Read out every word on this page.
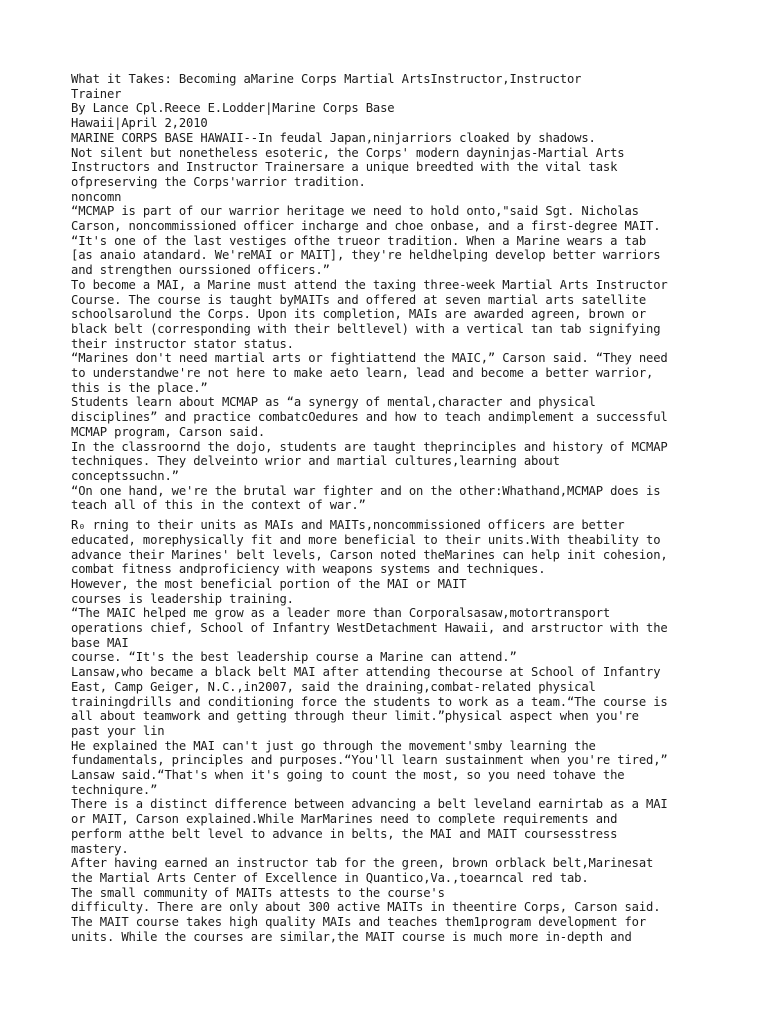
What it Takes: Becoming aMarine Corps Martial ArtsInstructor,Instructor
Trainer
By Lance Cpl.Reece E.Lodder|Marine Corps Base
Hawaii|April 2,2010
MARINE CORPS BASE HAWAII--In feudal Japan,ninjarriors cloaked by shadows.
Not silent but nonetheless esoteric, the Corps' modern dayninjas-Martial Arts
Instructors and Instructor Trainersare a unique breedted with the vital task
ofpreserving the Corps'warrior tradition.
noncomn
“MCMAP is part of our warrior heritage we need to hold onto,"said Sgt. Nicholas
Carson, noncommissioned officer incharge and choe onbase, and a first-degree MAIT.
“It's one of the last vestiges ofthe trueor tradition. When a Marine wears a tab
[as anaio atandard. We'reMAI or MAIT], they're heldhelping develop better warriors
and strengthen ourssioned officers.”
To become a MAI, a Marine must attend the taxing three-week Martial Arts Instructor
Course. The course is taught byMAITs and offered at seven martial arts satellite
schoolsarolund the Corps. Upon its completion, MAIs are awarded agreen, brown or
black belt (corresponding with their beltlevel) with a vertical tan tab signifying
their instructor stator status.
“Marines don't need martial arts or fightiattend the MAIC,” Carson said. “They need
to understandwe're not here to make aeto learn, lead and become a better warrior,
this is the place.”
Students learn about MCMAP as “a synergy of mental,character and physical
disciplines” and practice combatcOedures and how to teach andimplement a successful
MCMAP program, Carson said.
In the classroornd the dojo, students are taught theprinciples and history of MCMAP
techniques. They delveinto wrior and martial cultures,learning about
conceptssuchn.”
“On one hand, we're the brutal war fighter and on the other:Whathand,MCMAP does is
teach all of this in the context of war.”
R₀ rning to their units as MAIs and MAITs,noncommissioned officers are better
educated, morephysically fit and more beneficial to their units.With theability to
advance their Marines' belt levels, Carson noted theMarines can help init cohesion,
combat fitness andproficiency with weapons systems and techniques.
However, the most beneficial portion of the MAI or MAIT
courses is leadership training.
“The MAIC helped me grow as a leader more than Corporalsasaw,motortransport
operations chief, School of Infantry WestDetachment Hawaii, and arstructor with the
base MAI
course. “It's the best leadership course a Marine can attend.”
Lansaw,who became a black belt MAI after attending thecourse at School of Infantry
East, Camp Geiger, N.C.,in2007, said the draining,combat-related physical
trainingdrills and conditioning force the students to work as a team.“The course is
all about teamwork and getting through theur limit.”physical aspect when you're
past your lin
He explained the MAI can't just go through the movement'smby learning the
fundamentals, principles and purposes.“You'll learn sustainment when you're tired,”
Lansaw said.“That's when it's going to count the most, so you need tohave the
techniqure.”
There is a distinct difference between advancing a belt leveland earnirtab as a MAI
or MAIT, Carson explained.While MarMarines need to complete requirements and
perform atthe belt level to advance in belts, the MAI and MAIT coursesstress
mastery.
After having earned an instructor tab for the green, brown orblack belt,Marinesat
the Martial Arts Center of Excellence in Quantico,Va.,toearncal red tab.
The small community of MAITs attests to the course's
difficulty. There are only about 300 active MAITs in theentire Corps, Carson said.
The MAIT course takes high quality MAIs and teaches them1program development for
units. While the courses are similar,the MAIT course is much more in-depth and
